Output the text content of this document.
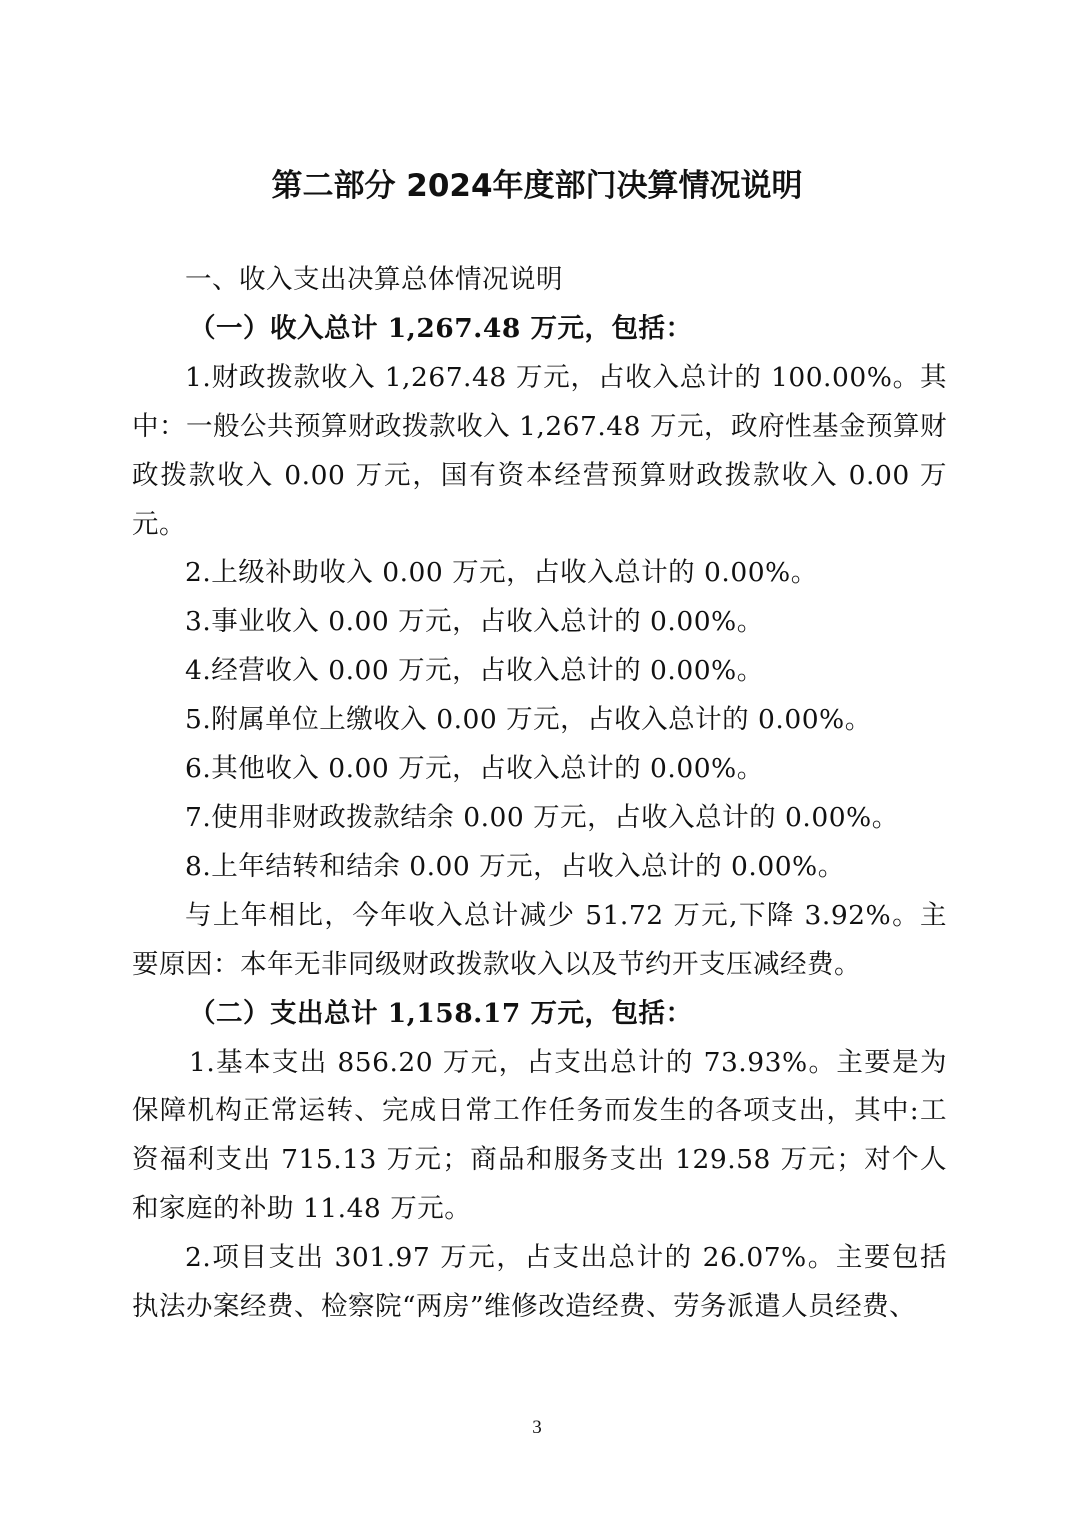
第二部分 2024年度部门决算情况说明

一、收入支出决算总体情况说明

（一）收入总计 1,267.48 万元，包括：

1.财政拨款收入 1,267.48 万元，占收入总计的 100.00%。其中：一般公共预算财政拨款收入 1,267.48 万元，政府性基金预算财政拨款收入 0.00 万元，国有资本经营预算财政拨款收入 0.00 万元。

2.上级补助收入 0.00 万元，占收入总计的 0.00%。

3.事业收入 0.00 万元，占收入总计的 0.00%。

4.经营收入 0.00 万元，占收入总计的 0.00%。

5.附属单位上缴收入 0.00 万元，占收入总计的 0.00%。

6.其他收入 0.00 万元，占收入总计的 0.00%。

7.使用非财政拨款结余 0.00 万元，占收入总计的 0.00%。

8.上年结转和结余 0.00 万元，占收入总计的 0.00%。

与上年相比，今年收入总计减少 51.72 万元,下降 3.92%。主要原因：本年无非同级财政拨款收入以及节约开支压减经费。

（二）支出总计 1,158.17 万元，包括：

1.基本支出 856.20 万元，占支出总计的 73.93%。主要是为保障机构正常运转、完成日常工作任务而发生的各项支出，其中:工资福利支出 715.13 万元；商品和服务支出 129.58 万元；对个人和家庭的补助 11.48 万元。

2.项目支出 301.97 万元，占支出总计的 26.07%。主要包括执法办案经费、检察院“两房”维修改造经费、劳务派遣人员经费、

3
